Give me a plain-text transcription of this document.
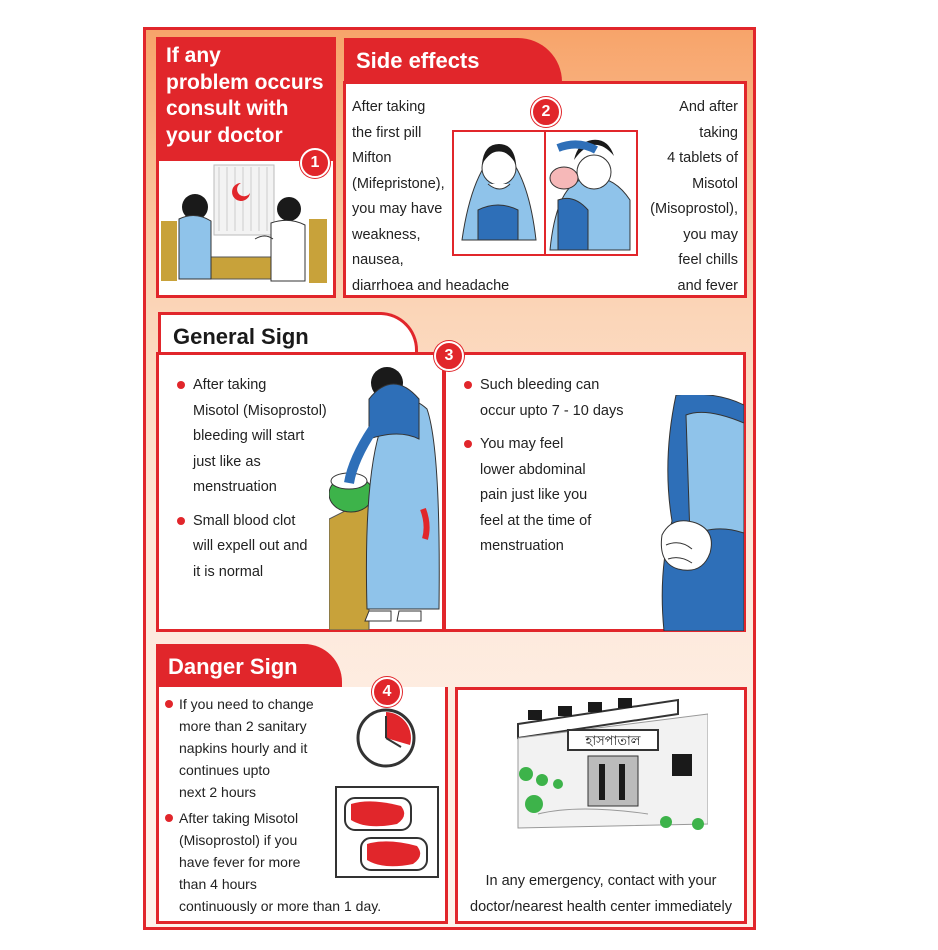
If any
problem occurs
consult with
your doctor
1
Side effects
After taking
the first pill
Mifton
(Mifepristone),
you may have
weakness,
nausea,
diarrhoea and headache
And after
taking
4 tablets of
Misotol
(Misoprostol),
you may
feel chills
and fever
2
General Sign
After taking
Misotol (Misoprostol)
bleeding will start
just like as
menstruation
Small blood clot
will expell out and
it is normal
Such bleeding can
occur upto 7 - 10 days
You may feel
lower abdominal
pain just like you
feel at the time of
menstruation
3
Danger Sign
If you need to change
more than 2 sanitary
napkins hourly and it
continues upto
next 2 hours
After taking Misotol
(Misoprostol) if you
have fever for more
than 4 hours
continuously or more than 1 day.
4
হাসপাতাল
In any emergency, contact with your
doctor/nearest health center immediately
